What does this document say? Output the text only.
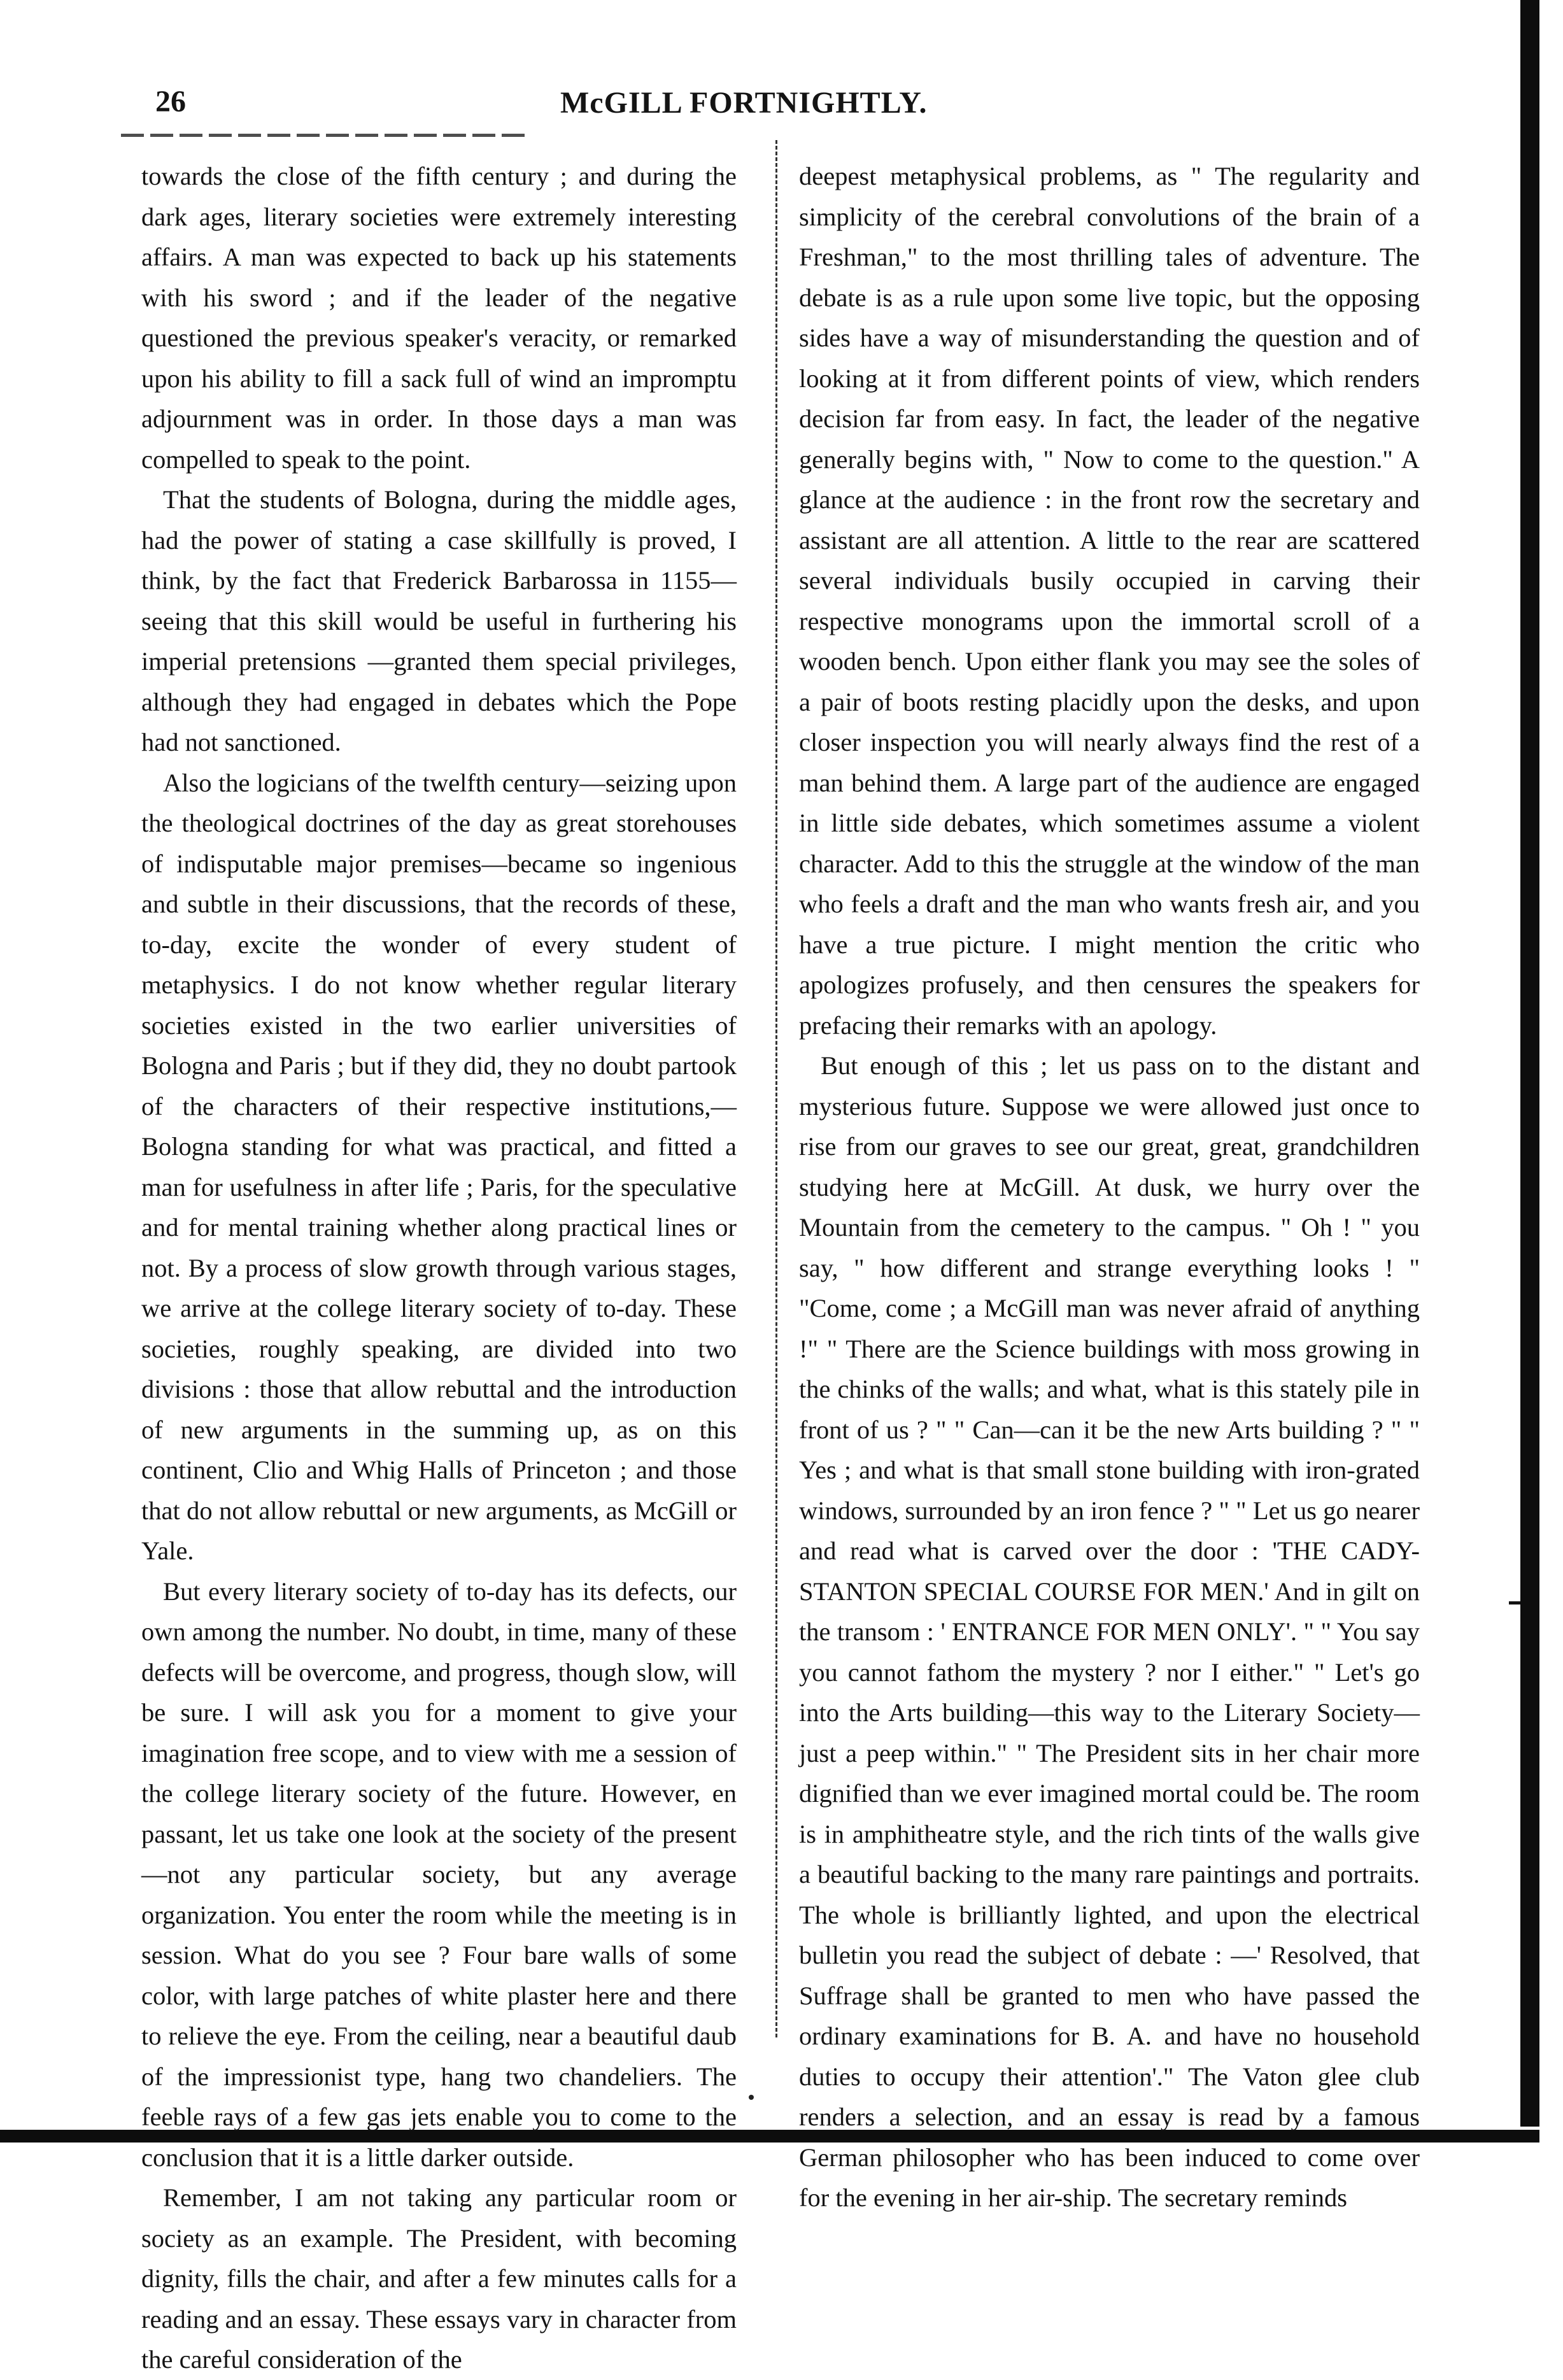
26	McGILL FORTNIGHTLY.

towards the close of the fifth century ; and during the dark ages, literary societies were extremely interesting affairs. A man was expected to back up his statements with his sword ; and if the leader of the negative questioned the previous speaker's veracity, or remarked upon his ability to fill a sack full of wind an impromptu adjournment was in order. In those days a man was compelled to speak to the point.

That the students of Bologna, during the middle ages, had the power of stating a case skillfully is proved, I think, by the fact that Frederick Barbarossa in 1155—seeing that this skill would be useful in furthering his imperial pretensions —granted them special privileges, although they had engaged in debates which the Pope had not sanctioned.

Also the logicians of the twelfth century—seizing upon the theological doctrines of the day as great storehouses of indisputable major premises—became so ingenious and subtle in their discussions, that the records of these, to-day, excite the wonder of every student of metaphysics. I do not know whether regular literary societies existed in the two earlier universities of Bologna and Paris ; but if they did, they no doubt partook of the characters of their respective institutions,—Bologna standing for what was practical, and fitted a man for usefulness in after life ; Paris, for the speculative and for mental training whether along practical lines or not. By a process of slow growth through various stages, we arrive at the college literary society of to-day. These societies, roughly speaking, are divided into two divisions : those that allow rebuttal and the introduction of new arguments in the summing up, as on this continent, Clio and Whig Halls of Princeton ; and those that do not allow rebuttal or new arguments, as McGill or Yale.

But every literary society of to-day has its defects, our own among the number. No doubt, in time, many of these defects will be overcome, and progress, though slow, will be sure. I will ask you for a moment to give your imagination free scope, and to view with me a session of the college literary society of the future. However, en passant, let us take one look at the society of the present—not any particular society, but any average organization. You enter the room while the meeting is in session. What do you see ? Four bare walls of some color, with large patches of white plaster here and there to relieve the eye. From the ceiling, near a beautiful daub of the impressionist type, hang two chandeliers. The feeble rays of a few gas jets enable you to come to the conclusion that it is a little darker outside.

Remember, I am not taking any particular room or society as an example. The President, with becoming dignity, fills the chair, and after a few minutes calls for a reading and an essay. These essays vary in character from the careful consideration of the

deepest metaphysical problems, as " The regularity and simplicity of the cerebral convolutions of the brain of a Freshman," to the most thrilling tales of adventure. The debate is as a rule upon some live topic, but the opposing sides have a way of misunderstanding the question and of looking at it from different points of view, which renders decision far from easy. In fact, the leader of the negative generally begins with, " Now to come to the question." A glance at the audience : in the front row the secretary and assistant are all attention. A little to the rear are scattered several individuals busily occupied in carving their respective monograms upon the immortal scroll of a wooden bench. Upon either flank you may see the soles of a pair of boots resting placidly upon the desks, and upon closer inspection you will nearly always find the rest of a man behind them. A large part of the audience are engaged in little side debates, which sometimes assume a violent character. Add to this the struggle at the window of the man who feels a draft and the man who wants fresh air, and you have a true picture. I might mention the critic who apologizes profusely, and then censures the speakers for prefacing their remarks with an apology.

But enough of this ; let us pass on to the distant and mysterious future. Suppose we were allowed just once to rise from our graves to see our great, great, grandchildren studying here at McGill. At dusk, we hurry over the Mountain from the cemetery to the campus. " Oh ! " you say, " how different and strange everything looks ! " "Come, come ; a McGill man was never afraid of anything !" " There are the Science buildings with moss growing in the chinks of the walls; and what, what is this stately pile in front of us ? " " Can—can it be the new Arts building ? " " Yes ; and what is that small stone building with iron-grated windows, surrounded by an iron fence ? " " Let us go nearer and read what is carved over the door : 'THE CADY-STANTON SPECIAL COURSE FOR MEN.' And in gilt on the transom : ' ENTRANCE FOR MEN ONLY'. " " You say you cannot fathom the mystery ? nor I either." " Let's go into the Arts building—this way to the Literary Society—just a peep within." " The President sits in her chair more dignified than we ever imagined mortal could be. The room is in amphitheatre style, and the rich tints of the walls give a beautiful backing to the many rare paintings and portraits. The whole is brilliantly lighted, and upon the electrical bulletin you read the subject of debate : —' Resolved, that Suffrage shall be granted to men who have passed the ordinary examinations for B. A. and have no household duties to occupy their attention'." The Vaton glee club renders a selection, and an essay is read by a famous German philosopher who has been induced to come over for the evening in her air-ship. The secretary reminds
